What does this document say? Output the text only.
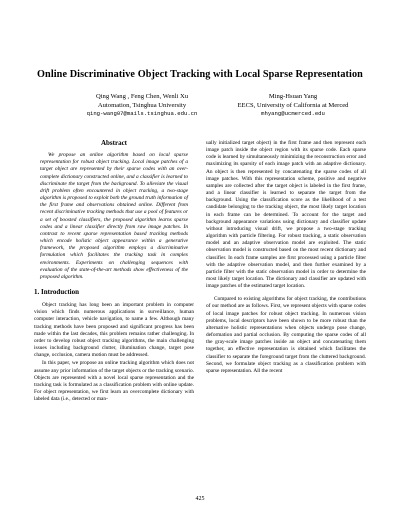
Online Discriminative Object Tracking with Local Sparse Representation
Qing Wang , Feng Chen, Wenli Xu
Automation, Tsinghua University
qing-wang07@mails.tsinghua.edu.cn
Ming-Hsuan Yang
EECS, University of California at Merced
mhyang@ucmerced.edu
Abstract

We propose an online algorithm based on local sparse representation for robust object tracking. Local image patches of a target object are represented by their sparse codes with an over-complete dictionary constructed online, and a classifier is learned to discriminate the target from the background. To alleviate the visual drift problem often encountered in object tracking, a two-stage algorithm is proposed to exploit both the ground truth information of the first frame and observations obtained online. Different from recent discriminative tracking methods that use a pool of features or a set of boosted classifiers, the proposed algorithm learns sparse codes and a linear classifier directly from raw image patches. In contrast to recent sparse representation based tracking methods which encode holistic object appearance within a generative framework, the proposed algorithm employs a discriminative formulation which facilitates the tracking task in complex environments. Experiments on challenging sequences with evaluation of the state-of-the-art methods show effectiveness of the proposed algorithm.

1. Introduction

Object tracking has long been an important problem in computer vision which finds numerous applications in surveillance, human computer interaction, vehicle navigation, to name a few. Although many tracking methods have been proposed and significant progress has been made within the last decades, this problem remains rather challenging. In order to develop robust object tracking algorithms, the main challenging issues including background clutter, illumination change, target pose change, occlusion, camera motion must be addressed.

In this paper, we propose an online tracking algorithm which does not assume any prior information of the target objects or the tracking scenario. Objects are represented with a novel local sparse representation and the tracking task is formulated as a classification problem with online update. For object representation, we first learn an overcomplete dictionary with labeled data (i.e., detected or man-

ually initialized target object) in the first frame and then represent each image patch inside the object region with its sparse code. Each sparse code is learned by simultaneously minimizing the reconstruction error and maximizing its sparsity of each image patch with an adaptive dictionary. An object is then represented by concatenating the sparse codes of all image patches. With this representation scheme, positive and negative samples are collected after the target object is labeled in the first frame, and a linear classifier is learned to separate the target from the background. Using the classification score as the likelihood of a test candidate belonging to the tracking object, the most likely target location in each frame can be determined. To account for the target and background appearance variations using dictionary and classifier update without introducing visual drift, we propose a two-stage tracking algorithm with particle filtering. For robust tracking, a static observation model and an adaptive observation model are exploited. The static observation model is constructed based on the most recent dictionary and classifier. In each frame samples are first processed using a particle filter with the adaptive observation model, and then further examined by a particle filter with the static observation model in order to determine the most likely target location. The dictionary and classifier are updated with image patches of the estimated target location.

Compared to existing algorithms for object tracking, the contributions of our method are as follows. First, we represent objects with sparse codes of local image patches for robust object tracking. In numerous vision problems, local descriptors have been shown to be more robust than the alternative holistic representations when objects undergo pose change, deformation and partial occlusion. By computing the sparse codes of all the gray-scale image patches inside an object and concatenating them together, an effective representation is obtained which facilitates the classifier to separate the foreground target from the cluttered background. Second, we formulate object tracking as a classification problem with sparse representation. All the recent

425
